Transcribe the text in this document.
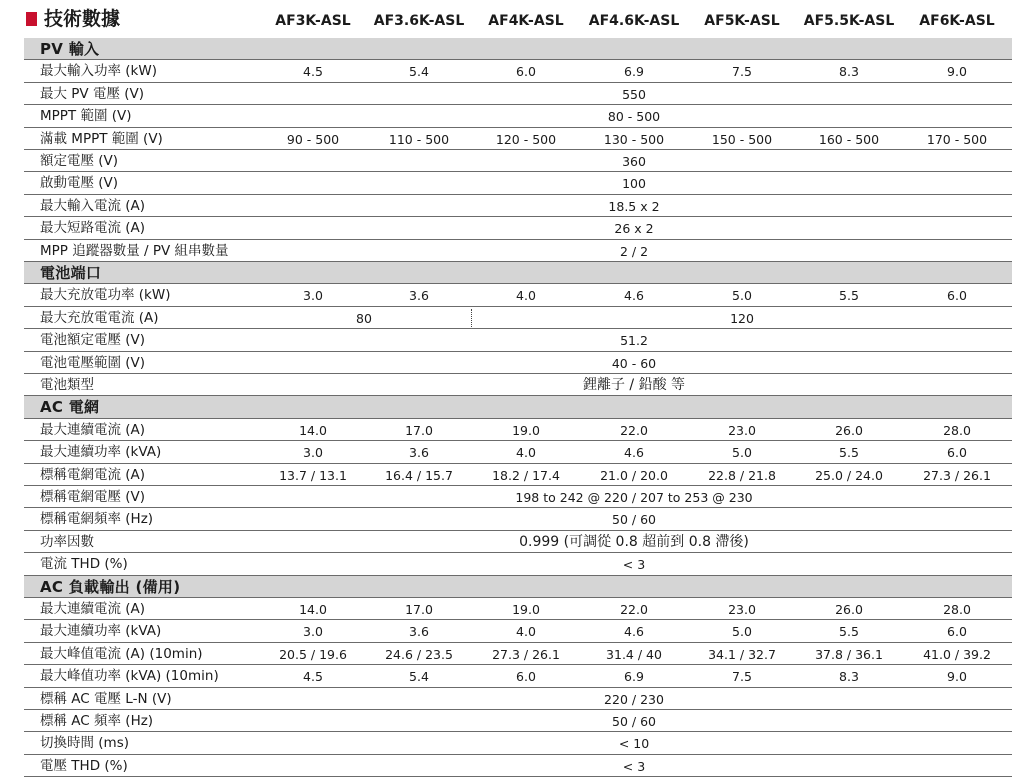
技術數據	AF3K-ASL AF3.6K-ASL AF4K-ASL AF4.6K-ASL AF5K-ASL AF5.5K-ASL AF6K-ASL
PV 輸入
最大輸入功率 (kW)	4.5	5.4	6.0	6.9	7.5	8.3	9.0
最大 PV 電壓 (V)	550
MPPT 範圍 (V)	80 - 500
滿載 MPPT 範圍 (V)	90 - 500	110 - 500	120 - 500	130 - 500	150 - 500	160 - 500	170 - 500
額定電壓 (V)	360
啟動電壓 (V)	100
最大輸入電流 (A)	18.5 x 2
最大短路電流 (A)	26 x 2
MPP 追蹤器數量 / PV 組串數量	2 / 2
電池端口
最大充放電功率 (kW)	3.0	3.6	4.0	4.6	5.0	5.5	6.0
最大充放電電流 (A)	80	120
電池額定電壓 (V)	51.2
電池電壓範圍 (V)	40 - 60
電池類型	鋰離子 / 鉛酸 等
AC 電網
最大連續電流 (A)	14.0	17.0	19.0	22.0	23.0	26.0	28.0
最大連續功率 (kVA)	3.0	3.6	4.0	4.6	5.0	5.5	6.0
標稱電網電流 (A)	13.7 / 13.1	16.4 / 15.7	18.2 / 17.4	21.0 / 20.0	22.8 / 21.8	25.0 / 24.0	27.3 / 26.1
標稱電網電壓 (V)	198 to 242 @ 220 / 207 to 253 @ 230
標稱電網頻率 (Hz)	50 / 60
功率因數	0.999 (可調從 0.8 超前到 0.8 滯後)
電流 THD (%)	< 3
AC 負載輸出 (備用)
最大連續電流 (A)	14.0	17.0	19.0	22.0	23.0	26.0	28.0
最大連續功率 (kVA)	3.0	3.6	4.0	4.6	5.0	5.5	6.0
最大峰值電流 (A) (10min)	20.5 / 19.6	24.6 / 23.5	27.3 / 26.1	31.4 / 40	34.1 / 32.7	37.8 / 36.1	41.0 / 39.2
最大峰值功率 (kVA) (10min)	4.5	5.4	6.0	6.9	7.5	8.3	9.0
標稱 AC 電壓 L-N (V)	220 / 230
標稱 AC 頻率 (Hz)	50 / 60
切換時間 (ms)	< 10
電壓 THD (%)	< 3
